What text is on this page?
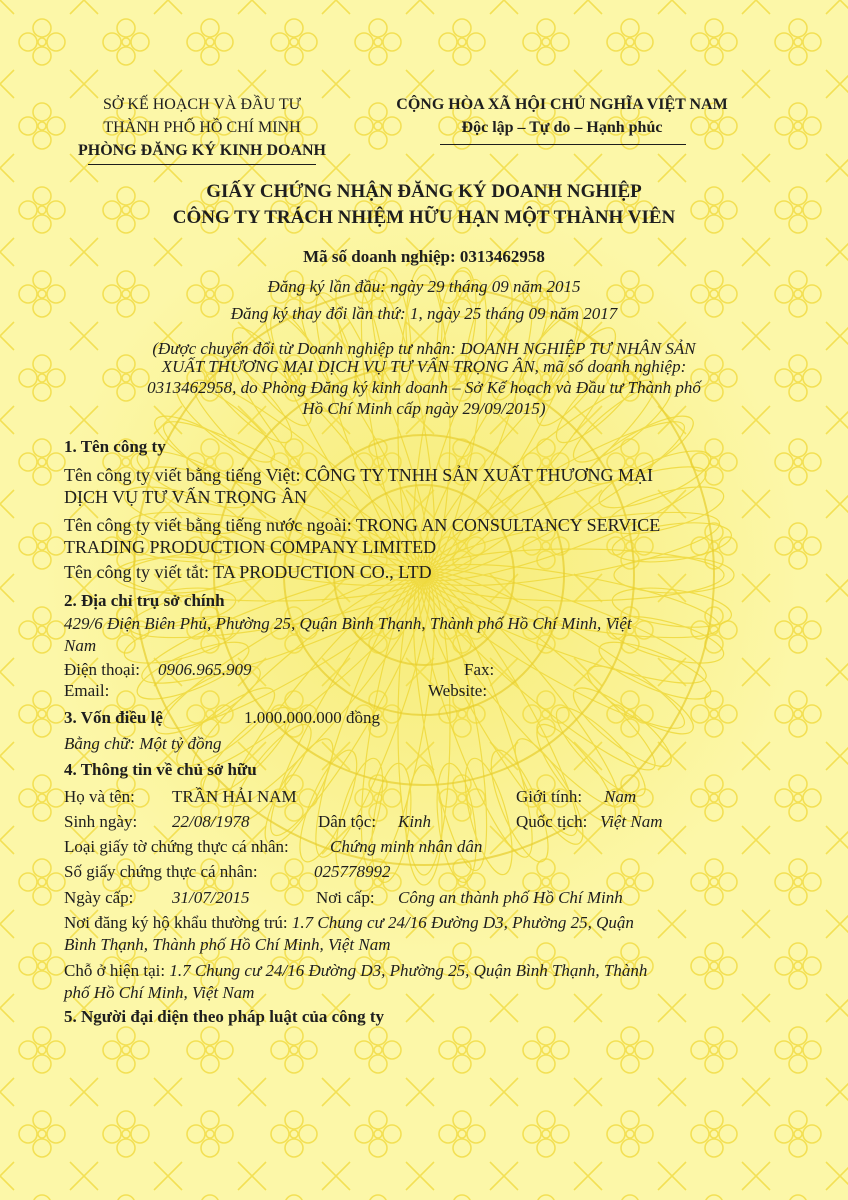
SỞ KẾ HOẠCH VÀ ĐẦU TƯ
THÀNH PHỐ HỒ CHÍ MINH
PHÒNG ĐĂNG KÝ KINH DOANH
CỘNG HÒA XÃ HỘI CHỦ NGHĨA VIỆT NAM
Độc lập – Tự do – Hạnh phúc
GIẤY CHỨNG NHẬN ĐĂNG KÝ DOANH NGHIỆP
CÔNG TY TRÁCH NHIỆM HỮU HẠN MỘT THÀNH VIÊN
Mã số doanh nghiệp: 0313462958
Đăng ký lần đầu: ngày 29 tháng 09 năm 2015
Đăng ký thay đổi lần thứ: 1, ngày 25 tháng 09 năm 2017
(Được chuyển đổi từ Doanh nghiệp tư nhân: DOANH NGHIỆP TƯ NHÂN SẢN
XUẤT THƯƠNG MẠI DỊCH VỤ TƯ VẤN TRỌNG ÂN, mã số doanh nghiệp:
0313462958, do Phòng Đăng ký kinh doanh – Sở Kế hoạch và Đầu tư Thành phố
Hồ Chí Minh cấp ngày 29/09/2015)
1. Tên công ty
Tên công ty viết bằng tiếng Việt: CÔNG TY TNHH SẢN XUẤT THƯƠNG MẠI
DỊCH VỤ TƯ VẤN TRỌNG ÂN
Tên công ty viết bằng tiếng nước ngoài: TRONG AN CONSULTANCY SERVICE
TRADING PRODUCTION COMPANY LIMITED
Tên công ty viết tắt: TA PRODUCTION CO., LTD
2. Địa chỉ trụ sở chính
429/6 Điện Biên Phủ, Phường 25, Quận Bình Thạnh, Thành phố Hồ Chí Minh, Việt
Nam
Điện thoại: 0906.965.909	Fax:
Email:	Website:
3. Vốn điều lệ	1.000.000.000 đồng
Bằng chữ: Một tỷ đồng
4. Thông tin về chủ sở hữu
Họ và tên: TRẦN HẢI NAM	Giới tính: Nam
Sinh ngày: 22/08/1978	Dân tộc: Kinh	Quốc tịch: Việt Nam
Loại giấy tờ chứng thực cá nhân: Chứng minh nhân dân
Số giấy chứng thực cá nhân:	025778992
Ngày cấp: 31/07/2015	Nơi cấp: Công an thành phố Hồ Chí Minh
Nơi đăng ký hộ khẩu thường trú: 1.7 Chung cư 24/16 Đường D3, Phường 25, Quận
Bình Thạnh, Thành phố Hồ Chí Minh, Việt Nam
Chỗ ở hiện tại: 1.7 Chung cư 24/16 Đường D3, Phường 25, Quận Bình Thạnh, Thành
phố Hồ Chí Minh, Việt Nam
5. Người đại diện theo pháp luật của công ty
